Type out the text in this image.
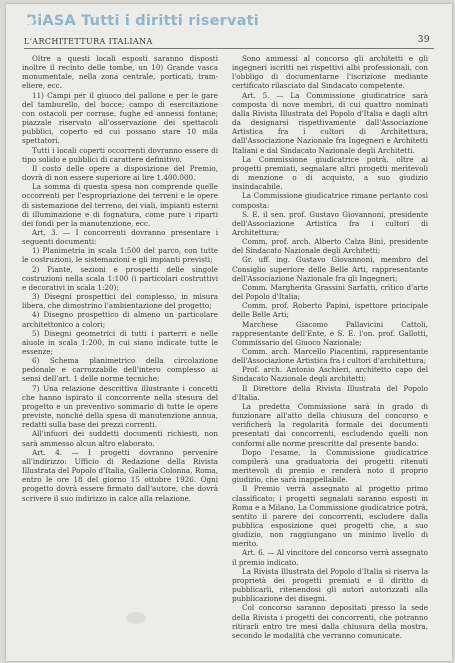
BiASA Tutti i diritti riservati
L'ARCHITETTURA ITALIANA	39

Oltre a questi locali esposti saranno disposti inoltre il recinto delle tombe, un 10) Grande vasca monumentale, nella zona centrale, porticati, tram-eliere, ecc.

11) Campi per il giuoco del pallone e per le gare del tamburello, del bocce; campo di esercitazione con ostacoli per corrase, fughe ed annessi fontane; piazzale riservato all'osservazione dei spettacoli pubblici, coperto ed cui possano stare 10 mila spettatori.

Tutti i locali coperti occorrenti dovranno essere di tipo solido e pubblici di carattere definitivo.

Il costo delle opere a disposizione del Premio, dovrà di non essere superiore ai lire 1.400.000.

La somma di questa spesa non comprende quelle occorrenti per l'espropriazione dei terreni e le opere di sistemazione del terreno, dei viali, impianti esterni di illuminazione e di fognatura, come pure i riparti dei fondi per la manutenzione, ecc.

Art. 3. — I concorrenti dovranno presentare i seguenti documenti:

1) Planimetria in scala 1:500 del parco, con tutte le costruzioni, le sistemazioni e gli impianti previsti;

2) Piante, sezioni e prospetti delle singole costruzioni nella scala 1:100 (i particolari costruttivi e decorativi in scala 1:20);

3) Disegni prospettici del complesso, in misura libera, che dimostrino l'ambientazione del progetto;

4) Disegno prospettico di almeno un particolare architettonico a colori;

5) Disegni geometrici di tutti i parterri e nelle aiuole in scala 1:200, in cui siano indicate tutte le essenze;

6) Schema planimetrico della circolazione pedonale e carrozzabile dell'intero complesso ai sensi dell'art. 1 delle norme tecniche;

7) Una relazione descrittiva illustrante i concetti che hanno ispirato il concorrente nella stesura del progetto e un preventivo sommario di tutte le opere previste, nonché della spesa di manutenzione annua, redatti sulla base dei prezzi correnti.

All'infuori dei suddetti documenti richiesti, non sarà ammesso alcun altro elaborato.

Art. 4. — I progetti dovranno pervenire all'indirizzo: Ufficio di Redazione della Rivista Illustrata del Popolo d'Italia, Galleria Colonna, Roma, entro le ore 18 del giorno 15 ottobre 1926. Ogni progetto dovrà essere firmato dall'autore, che dovrà scrivere il suo indirizzo in calce alla relazione.

Sono ammessi al concorso gli architetti e gli ingegneri iscritti nei rispettivi albi professionali, con l'obbligo di documentarne l'iscrizione mediante certificato rilasciato dal Sindacato competente.

Art. 5. — La Commissione giudicatrice sarà composta di nove membri, di cui quattro nominati dalla Rivista Illustrata del Popolo d'Italia e dagli altri da designarsi rispettivamente dall'Associazione Artistica fra i cultori di Architettura, dall'Associazione Nazionale fra Ingegneri e Architetti Italiani e dal Sindacato Nazionale degli Architetti.

La Commissione giudicatrice potrà, oltre ai progetti premiati, segnalare altri progetti meritevoli di menzione o di acquisto, a suo giudizio insindacabile.

La Commissione giudicatrice rimane pertanto così composta:

S. E. il sen. prof. Gustavo Giovannoni, presidente dell'Associazione Artistica fra i cultori di Architettura;

Comm. prof. arch. Alberto Calza Bini, presidente del Sindacato Nazionale degli Architetti;

Gr. uff. ing. Gustavo Giovannoni, membro del Consiglio superiore delle Belle Arti, rappresentante dell'Associazione Nazionale fra gli Ingegneri;

Comm. Margherita Grassini Sarfatti, critico d'arte del Popolo d'Italia;

Comm. prof. Roberto Papini, ispettore principale delle Belle Arti;

Marchese Giacomo Pallavicini Cattoli, rappresentante dell'Ente, e S. E. l'on. prof. Gallotti, Commissario del Giuoco Nazionale;

Comm. arch. Marcello Piacentini, rappresentante dell'Associazione Artistica fra i cultori d'architettura;

Prof. arch. Antonio Aschieri, architetto capo del Sindacato Nazionale degli architetti;

Il Direttore della Rivista Illustrata del Popolo d'Italia.

La predetta Commissione sarà in grado di funzionare all'atto della chiusura del concorso e verificherà la regolarità formale dei documenti presentati dai concorrenti, escludendo quelli non conformi alle norme prescritte dal presente bando.

Dopo l'esame, la Commissione giudicatrice compilerà una graduatoria dei progetti ritenuti meritevoli di premio e renderà noto il proprio giudizio, che sarà inappellabile.

Il Premio verrà assegnato al progetto primo classificato; i progetti segnalati saranno esposti in Roma e a Milano. La Commissione giudicatrice potrà, sentito il parere dei concorrenti, escludere dalla pubblica esposizione quei progetti che, a suo giudizio, non raggiungano un minimo livello di merito.

Art. 6. — Al vincitore del concorso verrà assegnato il premio indicato.

La Rivista Illustrata del Popolo d'Italia si riserva la proprietà dei progetti premiati e il diritto di pubblicarli, ritenendosi gli autori autorizzati alla pubblicazione dei disegni.

Col concorso saranno depositati presso la sede della Rivista i progetti dei concorrenti, che potranno ritirarli entro tre mesi dalla chiusura della mostra, secondo le modalità che verranno comunicate.
